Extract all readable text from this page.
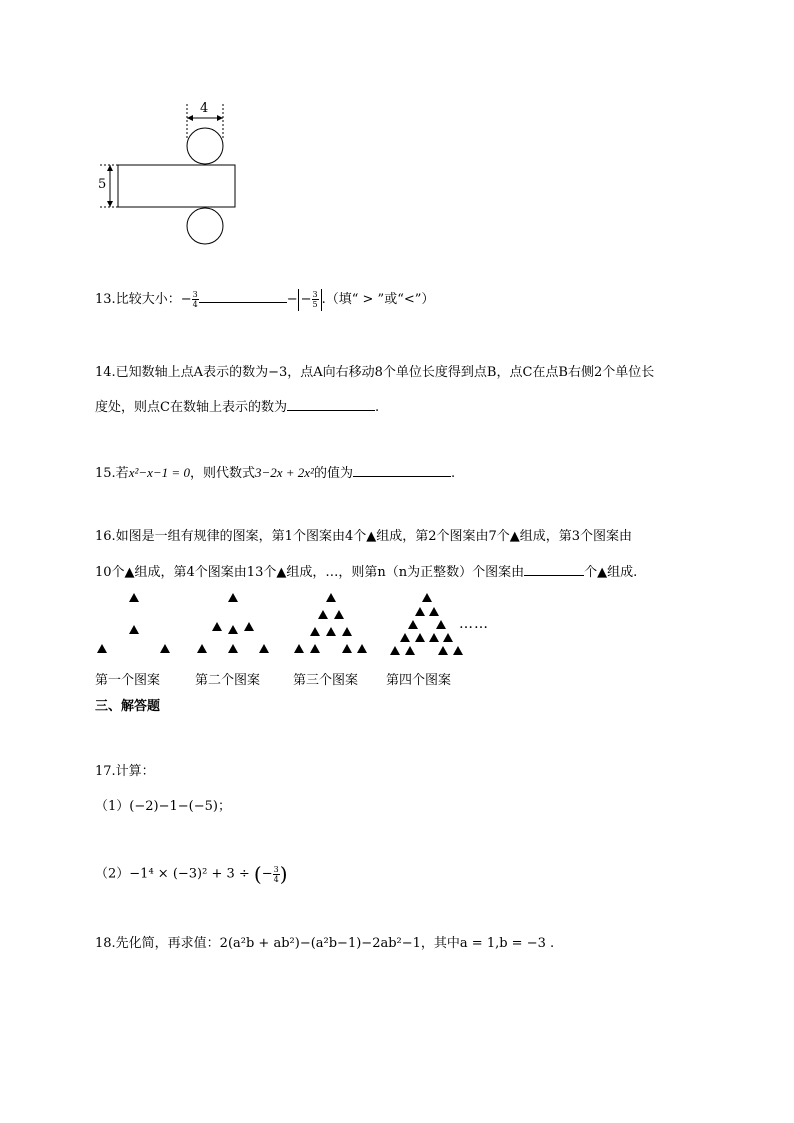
4
5
13.比较大小：− $\frac{3}{4}$	− − $\frac{3}{5}$ .（填“ > ”或“<”）
14.已知数轴上点A表示的数为−3，点A向右移动8个单位长度得到点B，点C在点B右侧2个单位长
度处，则点C在数轴上表示的数为	.
15.若x²−x−1 = 0，则代数式3−2x + 2x²的值为	.
16.如图是一组有规律的图案，第1个图案由4个▲组成，第2个图案由7个▲组成，第3个图案由
10个▲组成，第4个图案由13个▲组成，…，则第n（n为正整数）个图案由	个▲组成.
……
第一个图案	第二个图案	第三个图案 第四个图案
三、解答题
17.计算：
（1）(−2)−1−(−5)；
（2）−1⁴ × (−3)² + 3 ÷ (− $\frac{3}{4}$ )
18.先化简，再求值：2(a²b + ab²)−(a²b−1)−2ab²−1，其中a = 1,b = −3 .
